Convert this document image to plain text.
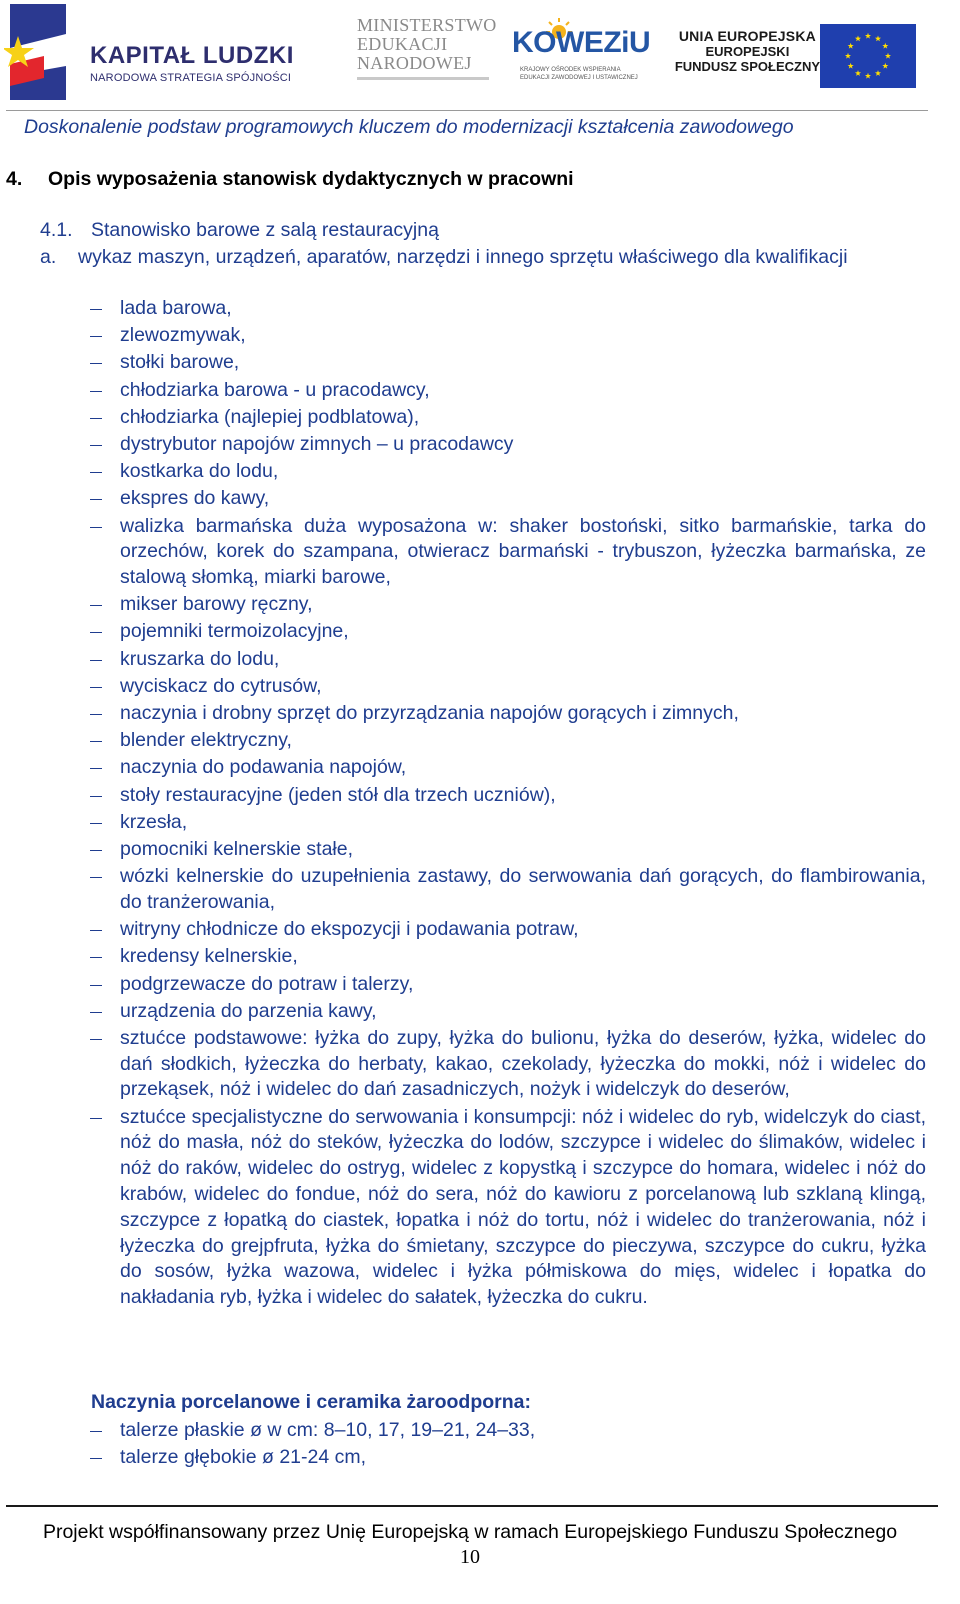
KAPITAŁ LUDZKI
NARODOWA STRATEGIA SPÓJNOŚCI
MINISTERSTWO
EDUKACJI
NARODOWEJ
KOWEZiU
KRAJOWY OŚRODEK WSPIERANIA
EDUKACJI ZAWODOWEJ I USTAWICZNEJ
UNIA EUROPEJSKA
EUROPEJSKI
FUNDUSZ SPOŁECZNY
Doskonalenie podstaw programowych kluczem do modernizacji kształcenia zawodowego
4. Opis wyposażenia stanowisk dydaktycznych w pracowni
4.1. Stanowisko barowe z salą restauracyjną
a. wykaz maszyn, urządzeń, aparatów, narzędzi i innego sprzętu właściwego dla kwalifikacji
lada barowa,
zlewozmywak,
stołki barowe,
chłodziarka barowa - u pracodawcy,
chłodziarka (najlepiej podblatowa),
dystrybutor napojów zimnych – u pracodawcy
kostkarka do lodu,
ekspres do kawy,
walizka barmańska duża wyposażona w: shaker bostoński, sitko barmańskie, tarka do orzechów, korek do szampana, otwieracz barmański - trybuszon, łyżeczka barmańska, ze stalową słomką, miarki barowe,
mikser barowy ręczny,
pojemniki termoizolacyjne,
kruszarka do lodu,
wyciskacz do cytrusów,
naczynia i drobny sprzęt do przyrządzania napojów gorących i zimnych,
blender elektryczny,
naczynia do podawania napojów,
stoły restauracyjne (jeden stół dla trzech uczniów),
krzesła,
pomocniki kelnerskie stałe,
wózki kelnerskie do uzupełnienia zastawy, do serwowania dań gorących, do flambirowania, do tranżerowania,
witryny chłodnicze do ekspozycji i podawania potraw,
kredensy kelnerskie,
podgrzewacze do potraw i talerzy,
urządzenia do parzenia kawy,
sztućce podstawowe: łyżka do zupy, łyżka do bulionu, łyżka do deserów, łyżka, widelec do dań słodkich, łyżeczka do herbaty, kakao, czekolady, łyżeczka do mokki, nóż i widelec do przekąsek, nóż i widelec do dań zasadniczych, nożyk i widelczyk do deserów,
sztućce specjalistyczne do serwowania i konsumpcji: nóż i widelec do ryb, widelczyk do ciast, nóż do masła, nóż do steków, łyżeczka do lodów, szczypce i widelec do ślimaków, widelec i nóż do raków, widelec do ostryg, widelec z kopystką i szczypce do homara, widelec i nóż do krabów, widelec do fondue, nóż do sera, nóż do kawioru z porcelanową lub szklaną klingą, szczypce z łopatką do ciastek, łopatka i nóż do tortu, nóż i widelec do tranżerowania, nóż i łyżeczka do grejpfruta, łyżka do śmietany, szczypce do pieczywa, szczypce do cukru, łyżka do sosów, łyżka wazowa, widelec i łyżka półmiskowa do mięs, widelec i łopatka do nakładania ryb, łyżka i widelec do sałatek, łyżeczka do cukru.
Naczynia porcelanowe i ceramika żaroodporna:
talerze płaskie ø w cm: 8–10, 17, 19–21, 24–33,
talerze głębokie ø 21-24 cm,
Projekt współfinansowany przez Unię Europejską w ramach Europejskiego Funduszu Społecznego
10
